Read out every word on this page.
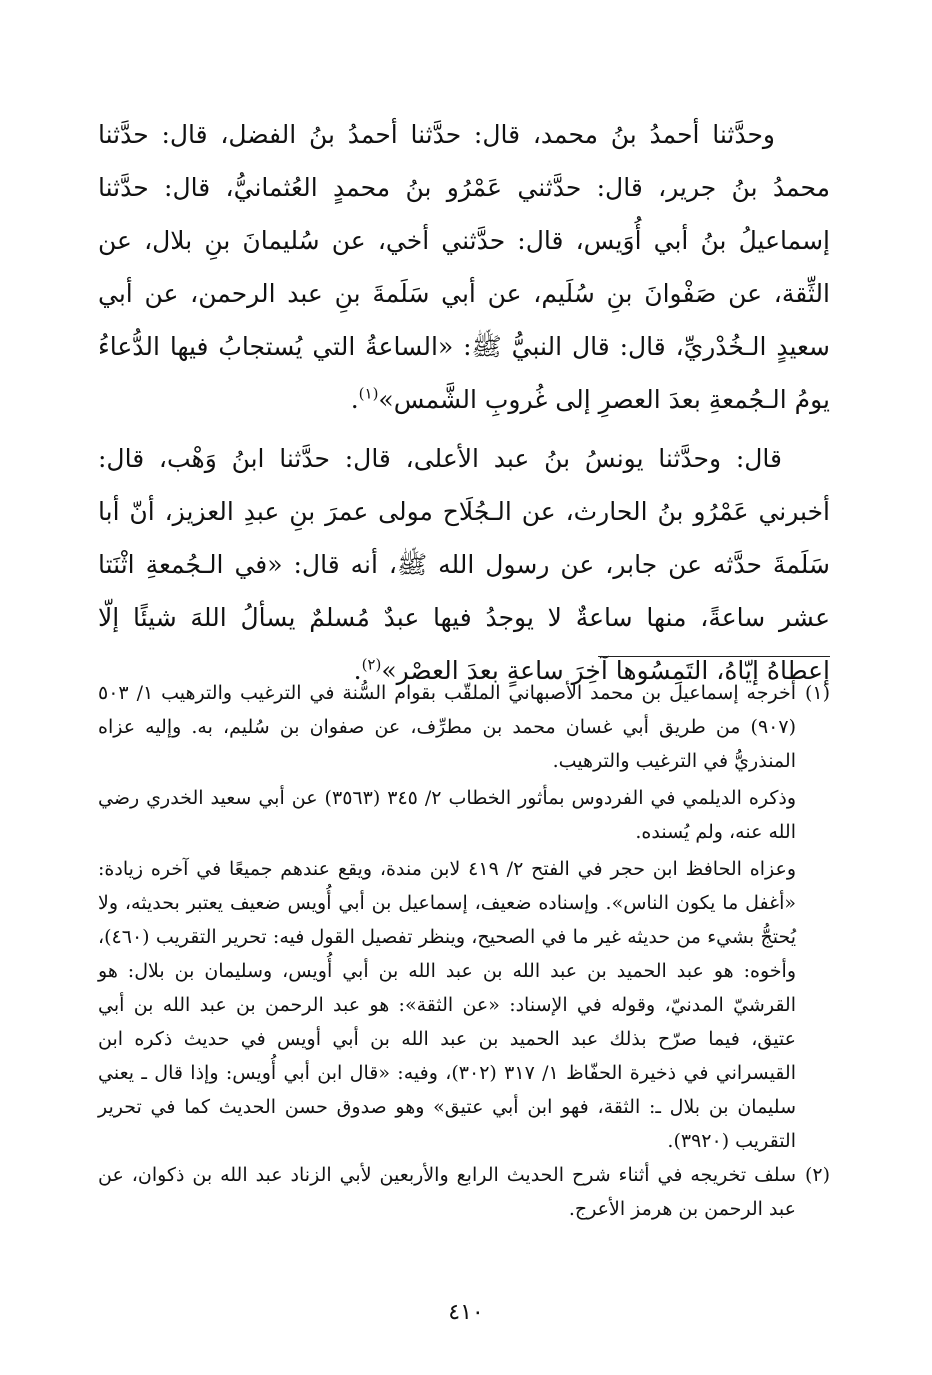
وحدَّثنا أحمدُ بنُ محمد، قال: حدَّثنا أحمدُ بنُ الفضل، قال: حدَّثنا محمدُ بنُ جرير، قال: حدَّثني عَمْرُو بنُ محمدٍ العُثمانيُّ، قال: حدَّثنا إسماعيلُ بنُ أبي أُوَيس، قال: حدَّثني أخي، عن سُليمانَ بنِ بلال، عن الثِّقة، عن صَفْوانَ بنِ سُلَيم، عن أبي سَلَمةَ بنِ عبد الرحمن، عن أبي سعيدٍ الـخُدْريِّ، قال: قال النبيُّ ﷺ: «الساعةُ التي يُستجابُ فيها الدُّعاءُ يومُ الـجُمعةِ بعدَ العصرِ إلى غُروبِ الشَّمس»$^{(١)}$.

قال: وحدَّثنا يونسُ بنُ عبد الأعلى، قال: حدَّثنا ابنُ وَهْب، قال: أخبرني عَمْرُو بنُ الحارث، عن الـجُلَاح مولى عمرَ بنِ عبدِ العزيز، أنّ أبا سَلَمةَ حدَّثه عن جابر، عن رسول الله ﷺ، أنه قال: «في الـجُمعةِ اثْنَتا عشر ساعةً، منها ساعةٌ لا يوجدُ فيها عبدٌ مُسلمٌ يسألُ اللهَ شيئًا إلّا إعطاهُ إيّاهُ، التَمِسُوها آخِرَ ساعةٍ بعدَ العصْر»$^{(٢)}$.

(١)

أخرجه إسماعيل بن محمد الأصبهاني الملقّب بقوام السُّنة في الترغيب والترهيب ١/ ٥٠٣ (٩٠٧) من طريق أبي غسان محمد بن مطرِّف، عن صفوان بن سُليم، به. وإليه عزاه المنذريُّ في الترغيب والترهيب.

وذكره الديلمي في الفردوس بمأثور الخطاب ٢/ ٣٤٥ (٣٥٦٣) عن أبي سعيد الخدري رضي الله عنه، ولم يُسنده.

وعزاه الحافظ ابن حجر في الفتح ٢/ ٤١٩ لابن مندة، ويقع عندهم جميعًا في آخره زيادة: «أغفل ما يكون الناس». وإسناده ضعيف، إسماعيل بن أبي أُويس ضعيف يعتبر بحديثه، ولا يُحتجُّ بشيء من حديثه غير ما في الصحيح، وينظر تفصيل القول فيه: تحرير التقريب (٤٦٠)، وأخوه: هو عبد الحميد بن عبد الله بن عبد الله بن أبي أُويس، وسليمان بن بلال: هو القرشيّ المدنيّ، وقوله في الإسناد: «عن الثقة»: هو عبد الرحمن بن عبد الله بن أبي عتيق، فيما صرّح بذلك عبد الحميد بن عبد الله بن أبي أويس في حديث ذكره ابن القيسراني في ذخيرة الحفّاظ ١/ ٣١٧ (٣٠٢)، وفيه: «قال ابن أبي أُويس: وإذا قال ـ يعني سليمان بن بلال ـ: الثقة، فهو ابن أبي عتيق» وهو صدوق حسن الحديث كما في تحرير التقريب (٣٩٢٠).

(٢)

سلف تخريجه في أثناء شرح الحديث الرابع والأربعين لأبي الزناد عبد الله بن ذكوان، عن عبد الرحمن بن هرمز الأعرج.

٤١٠
